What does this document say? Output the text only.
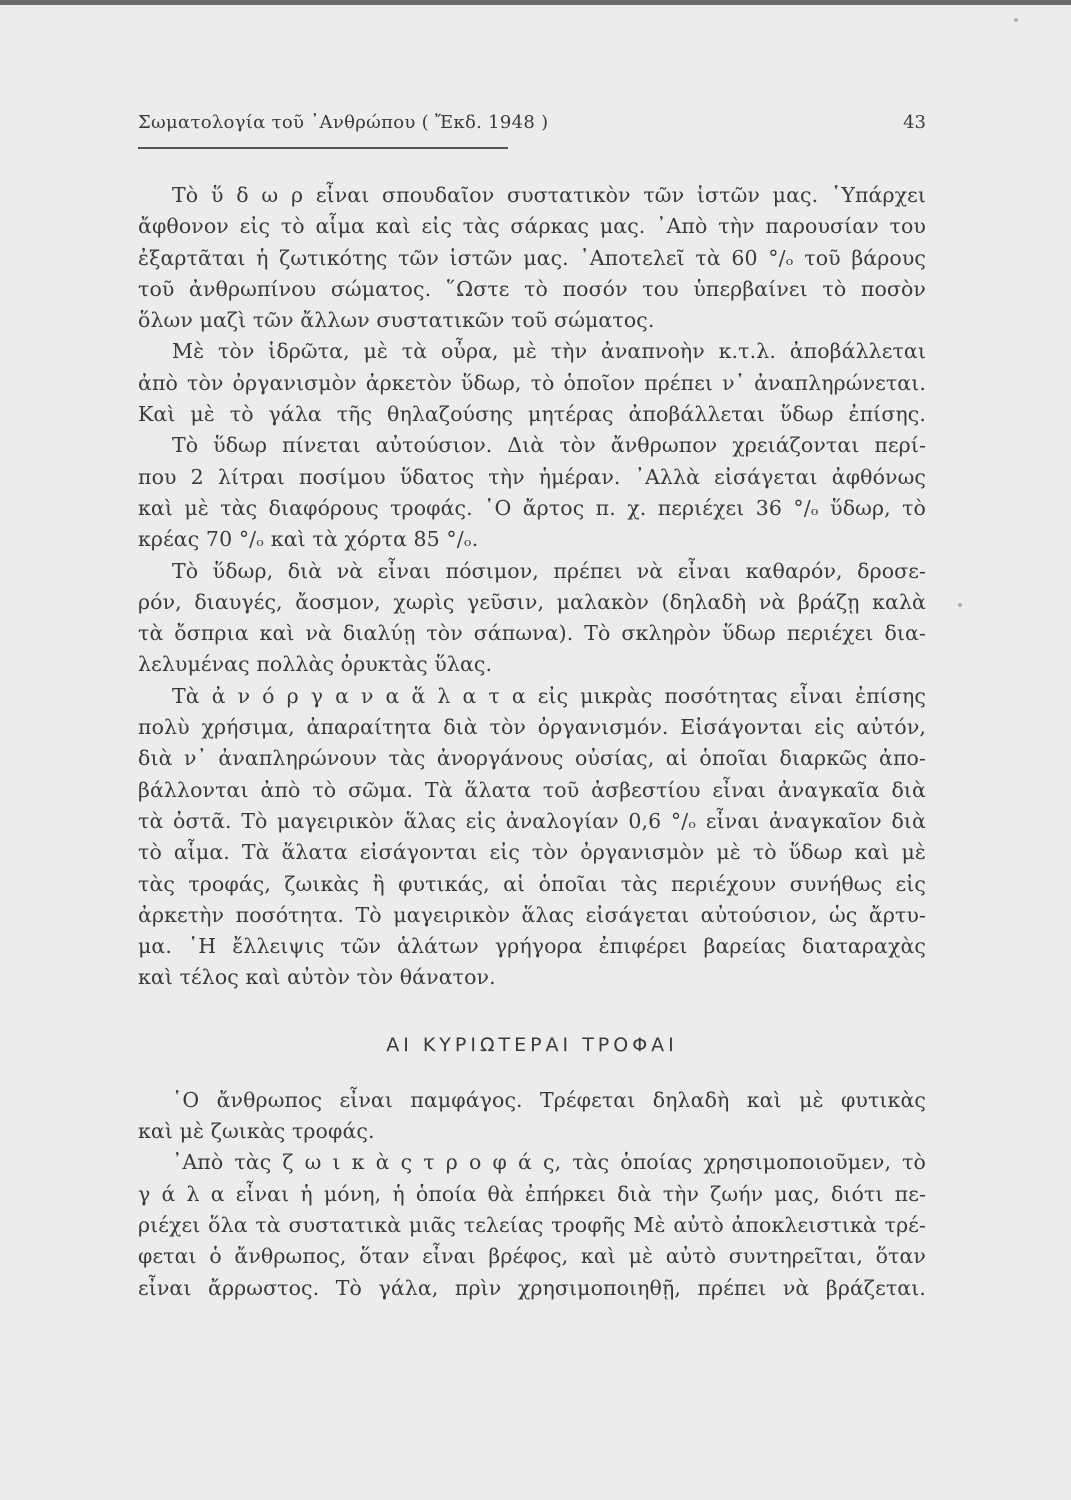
Σωματολογία τοῦ ᾿Ανθρώπου ( Ἔκδ. 1948 )	43
Τὸ ὕ δ ω ρ εἶναι σπουδαῖον συστατικὸν τῶν ἱστῶν μας. ῾Υπάρχει
ἄφθονον εἰς τὸ αἷμα καὶ εἰς τὰς σάρκας μας. ᾿Απὸ τὴν παρουσίαν του
ἐξαρτᾶται ἡ ζωτικότης τῶν ἱστῶν μας. ᾿Αποτελεῖ τὰ 60 °/ₒ τοῦ βάρους
τοῦ ἀνθρωπίνου σώματος. ῞Ωστε τὸ ποσόν του ὑπερβαίνει τὸ ποσὸν
ὅλων μαζὶ τῶν ἄλλων συστατικῶν τοῦ σώματος.
Μὲ τὸν ἱδρῶτα, μὲ τὰ οὖρα, μὲ τὴν ἀναπνοὴν κ.τ.λ. ἀποβάλλεται
ἀπὸ τὸν ὀργανισμὸν ἀρκετὸν ὕδωρ, τὸ ὁποῖον πρέπει ν᾿ ἀναπληρώνεται.
Καὶ μὲ τὸ γάλα τῆς θηλαζούσης μητέρας ἀποβάλλεται ὕδωρ ἐπίσης.
Τὸ ὕδωρ πίνεται αὐτούσιον. Διὰ τὸν ἄνθρωπον χρειάζονται περί-
που 2 λίτραι ποσίμου ὕδατος τὴν ἡμέραν. ᾿Αλλὰ εἰσάγεται ἀφθόνως
καὶ μὲ τὰς διαφόρους τροφάς. ῾Ο ἄρτος π. χ. περιέχει 36 °/ₒ ὕδωρ, τὸ
κρέας 70 °/ₒ καὶ τὰ χόρτα 85 °/ₒ.
Τὸ ὕδωρ, διὰ νὰ εἶναι πόσιμον, πρέπει νὰ εἶναι καθαρόν, δροσε-
ρόν, διαυγές, ἄοσμον, χωρὶς γεῦσιν, μαλακὸν (δηλαδὴ νὰ βράζῃ καλὰ
τὰ ὄσπρια καὶ νὰ διαλύῃ τὸν σάπωνα). Τὸ σκληρὸν ὕδωρ περιέχει δια-
λελυμένας πολλὰς ὀρυκτὰς ὕλας.
Τὰ ἀ ν ό ρ γ α ν α ἅ λ α τ α εἰς μικρὰς ποσότητας εἶναι ἐπίσης
πολὺ χρήσιμα, ἀπαραίτητα διὰ τὸν ὀργανισμόν. Εἰσάγονται εἰς αὐτόν,
διὰ ν᾿ ἀναπληρώνουν τὰς ἀνοργάνους οὐσίας, αἱ ὁποῖαι διαρκῶς ἀπο-
βάλλονται ἀπὸ τὸ σῶμα. Τὰ ἅλατα τοῦ ἀσβεστίου εἶναι ἀναγκαῖα διὰ
τὰ ὀστᾶ. Τὸ μαγειρικὸν ἅλας εἰς ἀναλογίαν 0,6 °/ₒ εἶναι ἀναγκαῖον διὰ
τὸ αἷμα. Τὰ ἅλατα εἰσάγονται εἰς τὸν ὀργανισμὸν μὲ τὸ ὕδωρ καὶ μὲ
τὰς τροφάς, ζωικὰς ἢ φυτικάς, αἱ ὁποῖαι τὰς περιέχουν συνήθως εἰς
ἀρκετὴν ποσότητα. Τὸ μαγειρικὸν ἅλας εἰσάγεται αὐτούσιον, ὡς ἄρτυ-
μα. ῾Η ἔλλειψις τῶν ἁλάτων γρήγορα ἐπιφέρει βαρείας διαταραχὰς
καὶ τέλος καὶ αὐτὸν τὸν θάνατον.
ΑΙ ΚΥΡΙΩΤΕΡΑΙ ΤΡΟΦΑΙ
῾Ο ἄνθρωπος εἶναι παμφάγος. Τρέφεται δηλαδὴ καὶ μὲ φυτικὰς
καὶ μὲ ζωικὰς τροφάς.
᾿Απὸ τὰς ζ ω ι κ ὰ ς τ ρ ο φ ά ς, τὰς ὁποίας χρησιμοποιοῦμεν, τὸ
γ ά λ α εἶναι ἡ μόνη, ἡ ὁποία θὰ ἐπήρκει διὰ τὴν ζωήν μας, διότι πε-
ριέχει ὅλα τὰ συστατικὰ μιᾶς τελείας τροφῆς Μὲ αὐτὸ ἀποκλειστικὰ τρέ-
φεται ὁ ἄνθρωπος, ὅταν εἶναι βρέφος, καὶ μὲ αὐτὸ συντηρεῖται, ὅταν
εἶναι ἄρρωστος. Τὸ γάλα, πρὶν χρησιμοποιηθῇ, πρέπει νὰ βράζεται.
